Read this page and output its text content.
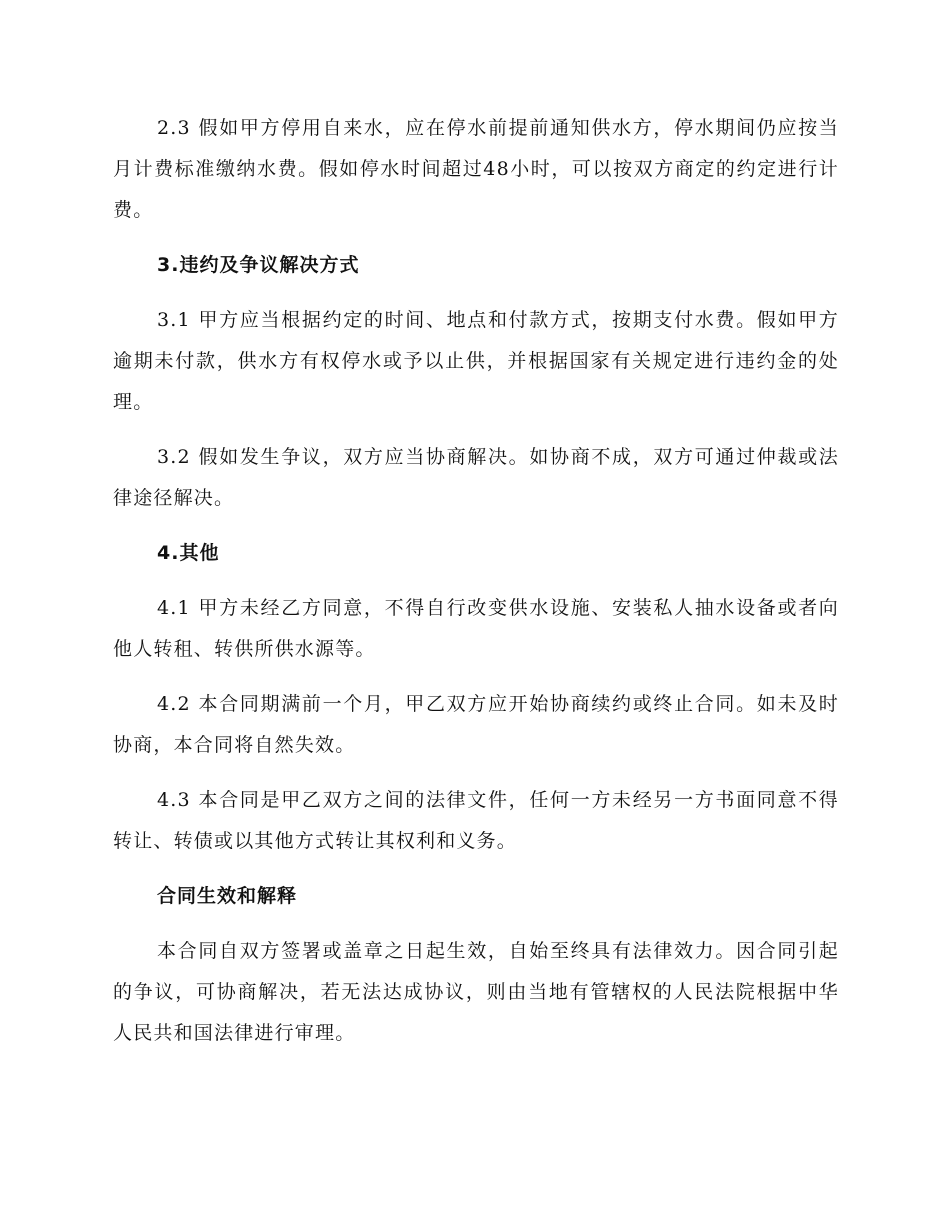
2.3 假如甲方停用自来水，应在停水前提前通知供水方，停水期间仍应按当月计费标准缴纳水费。假如停水时间超过48小时，可以按双方商定的约定进行计费。

3.违约及争议解决方式

3.1 甲方应当根据约定的时间、地点和付款方式，按期支付水费。假如甲方逾期未付款，供水方有权停水或予以止供，并根据国家有关规定进行违约金的处理。

3.2 假如发生争议，双方应当协商解决。如协商不成，双方可通过仲裁或法律途径解决。

4.其他

4.1 甲方未经乙方同意，不得自行改变供水设施、安装私人抽水设备或者向他人转租、转供所供水源等。

4.2 本合同期满前一个月，甲乙双方应开始协商续约或终止合同。如未及时协商，本合同将自然失效。

4.3 本合同是甲乙双方之间的法律文件，任何一方未经另一方书面同意不得转让、转债或以其他方式转让其权利和义务。

合同生效和解释

本合同自双方签署或盖章之日起生效，自始至终具有法律效力。因合同引起的争议，可协商解决，若无法达成协议，则由当地有管辖权的人民法院根据中华人民共和国法律进行审理。
